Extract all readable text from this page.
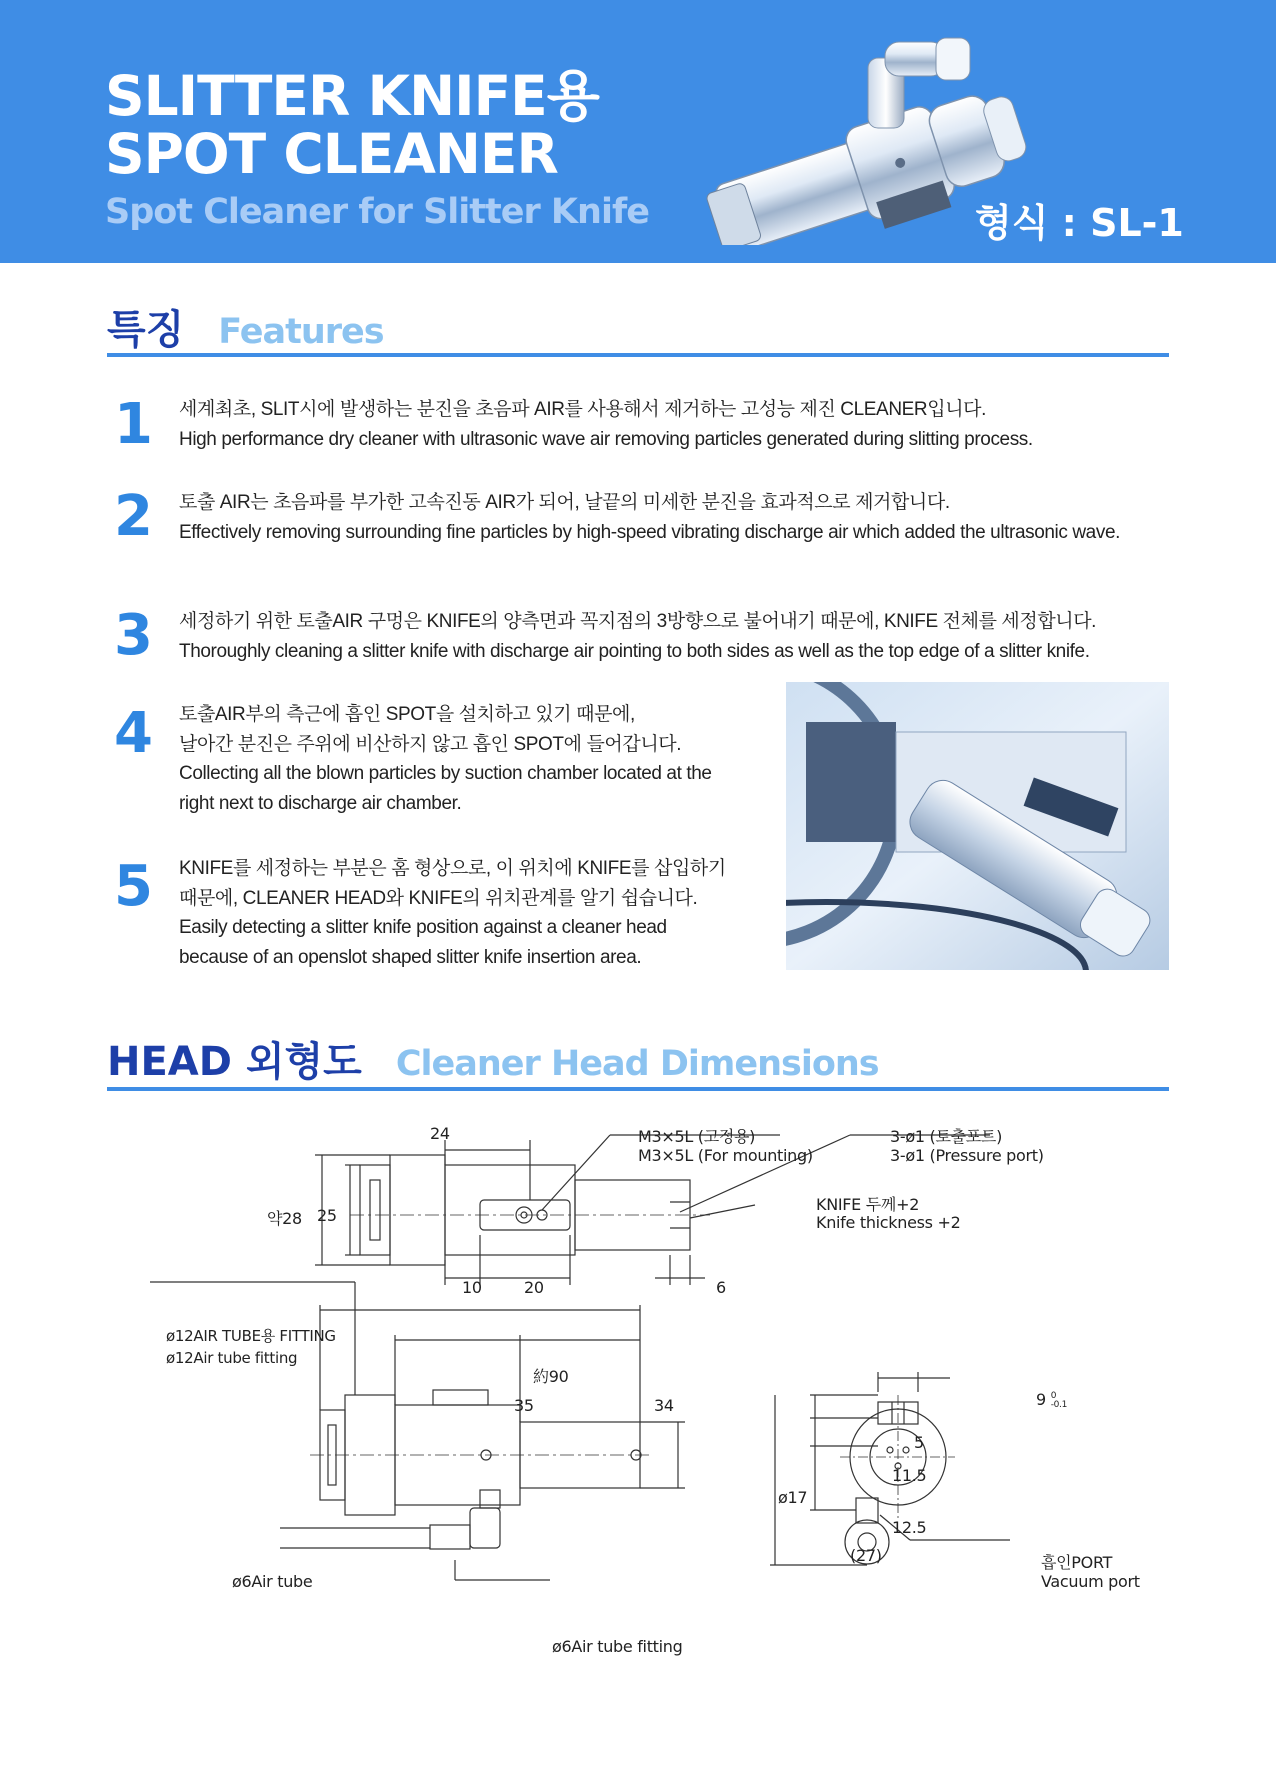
SLITTER KNIFE용
SPOT CLEANER
Spot Cleaner for Slitter Knife	형식 : SL-1
특징 Features
1 세계최초, SLIT시에 발생하는 분진을 초음파 AIR를 사용해서 제거하는 고성능 제진 CLEANER입니다.

High performance dry cleaner with ultrasonic wave air removing particles generated during slitting process.

2 토출 AIR는 초음파를 부가한 고속진동 AIR가 되어, 날끝의 미세한 분진을 효과적으로 제거합니다.

Effectively removing surrounding fine particles by high-speed vibrating discharge air which added the ultrasonic wave.

3 세정하기 위한 토출AIR 구멍은 KNIFE의 양측면과 꼭지점의 3방향으로 불어내기 때문에, KNIFE 전체를 세정합니다.

Thoroughly cleaning a slitter knife with discharge air pointing to both sides as well as the top edge of a slitter knife.

4 토출AIR부의 측근에 흡인 SPOT을 설치하고 있기 때문에,

날아간 분진은 주위에 비산하지 않고 흡인 SPOT에 들어갑니다.

Collecting all the blown particles by suction chamber located at the

right next to discharge air chamber.

5 KNIFE를 세정하는 부분은 홈 형상으로, 이 위치에 KNIFE를 삽입하기

때문에, CLEANER HEAD와 KNIFE의 위치관계를 알기 쉽습니다.

Easily detecting a slitter knife position against a cleaner head

because of an openslot shaped slitter knife insertion area.

HEAD 외형도 Cleaner Head Dimensions
24
약28 25
10	20	6
M3×5L (고정용)
M3×5L (For mounting)
3-ø1 (토출포트)
3-ø1 (Pressure port)
KNIFE 두께+2
Knife thickness +2
ø12AIR TUBE용 FITTING
ø12Air tube fitting
約90
35	34
ø17
ø6Air tube
ø6Air tube fitting
9 0
-0.1
5
11.5
12.5
(27)	흡인PORT
Vacuum port
